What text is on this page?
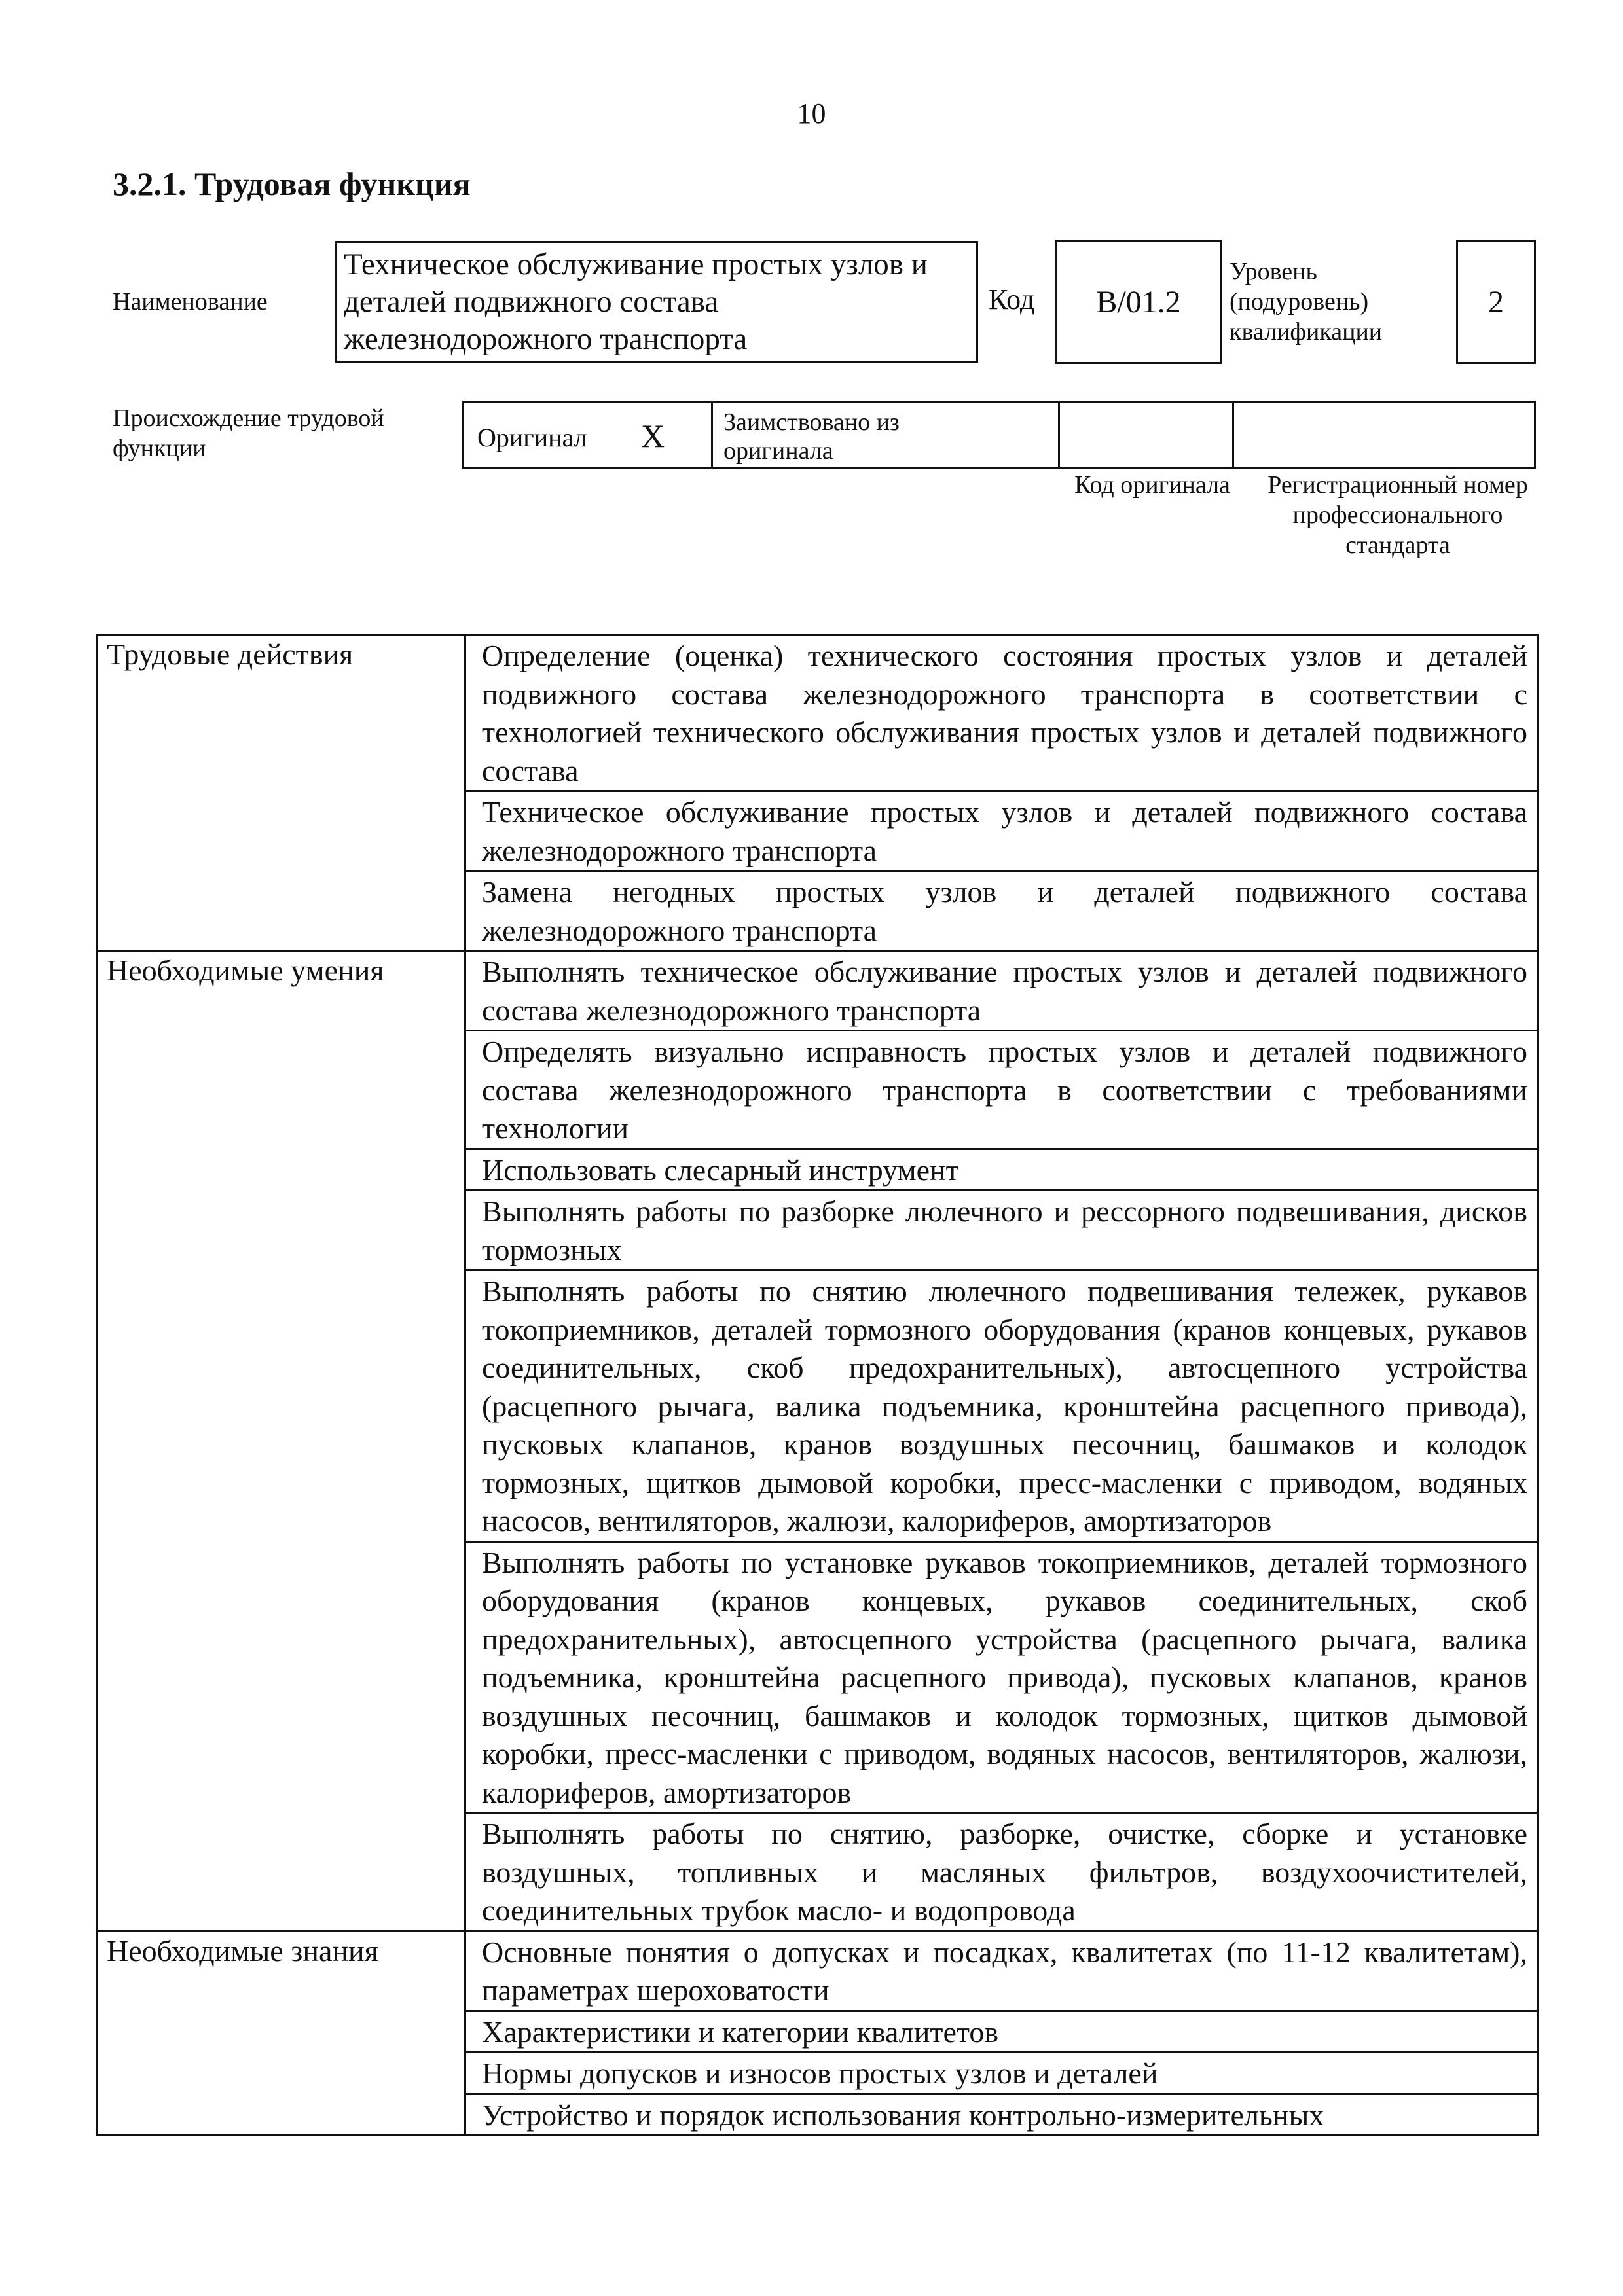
10
3.2.1. Трудовая функция
Наименование
Техническое обслуживание простых узлов и деталей подвижного состава железнодорожного транспорта
Код	B/01.2
Уровень (подуровень) квалификации
2
Происхождение трудовой функции	Оригинал X Заимствовано из оригинала
Код оригинала	Регистрационный номер профессионального стандарта
Трудовые действия	Определение (оценка) технического состояния простых узлов и деталей подвижного состава железнодорожного транспорта в соответствии с технологией технического обслуживания простых узлов и деталей подвижного состава
	Техническое обслуживание простых узлов и деталей подвижного состава железнодорожного транспорта
	Замена негодных простых узлов и деталей подвижного состава железнодорожного транспорта
Необходимые умения	Выполнять техническое обслуживание простых узлов и деталей подвижного состава железнодорожного транспорта
	Определять визуально исправность простых узлов и деталей подвижного состава железнодорожного транспорта в соответствии с требованиями технологии
	Использовать слесарный инструмент
	Выполнять работы по разборке люлечного и рессорного подвешивания, дисков тормозных
	Выполнять работы по снятию люлечного подвешивания тележек, рукавов токоприемников, деталей тормозного оборудования (кранов концевых, рукавов соединительных, скоб предохранительных), автосцепного устройства (расцепного рычага, валика подъемника, кронштейна расцепного привода), пусковых клапанов, кранов воздушных песочниц, башмаков и колодок тормозных, щитков дымовой коробки, пресс-масленки с приводом, водяных насосов, вентиляторов, жалюзи, калориферов, амортизаторов
	Выполнять работы по установке рукавов токоприемников, деталей тормозного оборудования (кранов концевых, рукавов соединительных, скоб предохранительных), автосцепного устройства (расцепного рычага, валика подъемника, кронштейна расцепного привода), пусковых клапанов, кранов воздушных песочниц, башмаков и колодок тормозных, щитков дымовой коробки, пресс-масленки с приводом, водяных насосов, вентиляторов, жалюзи, калориферов, амортизаторов
	Выполнять работы по снятию, разборке, очистке, сборке и установке воздушных, топливных и масляных фильтров, воздухоочистителей, соединительных трубок масло- и водопровода
Необходимые знания	Основные понятия о допусках и посадках, квалитетах (по 11-12 квалитетам), параметрах шероховатости
	Характеристики и категории квалитетов
	Нормы допусков и износов простых узлов и деталей
	Устройство и порядок использования контрольно-измерительных
